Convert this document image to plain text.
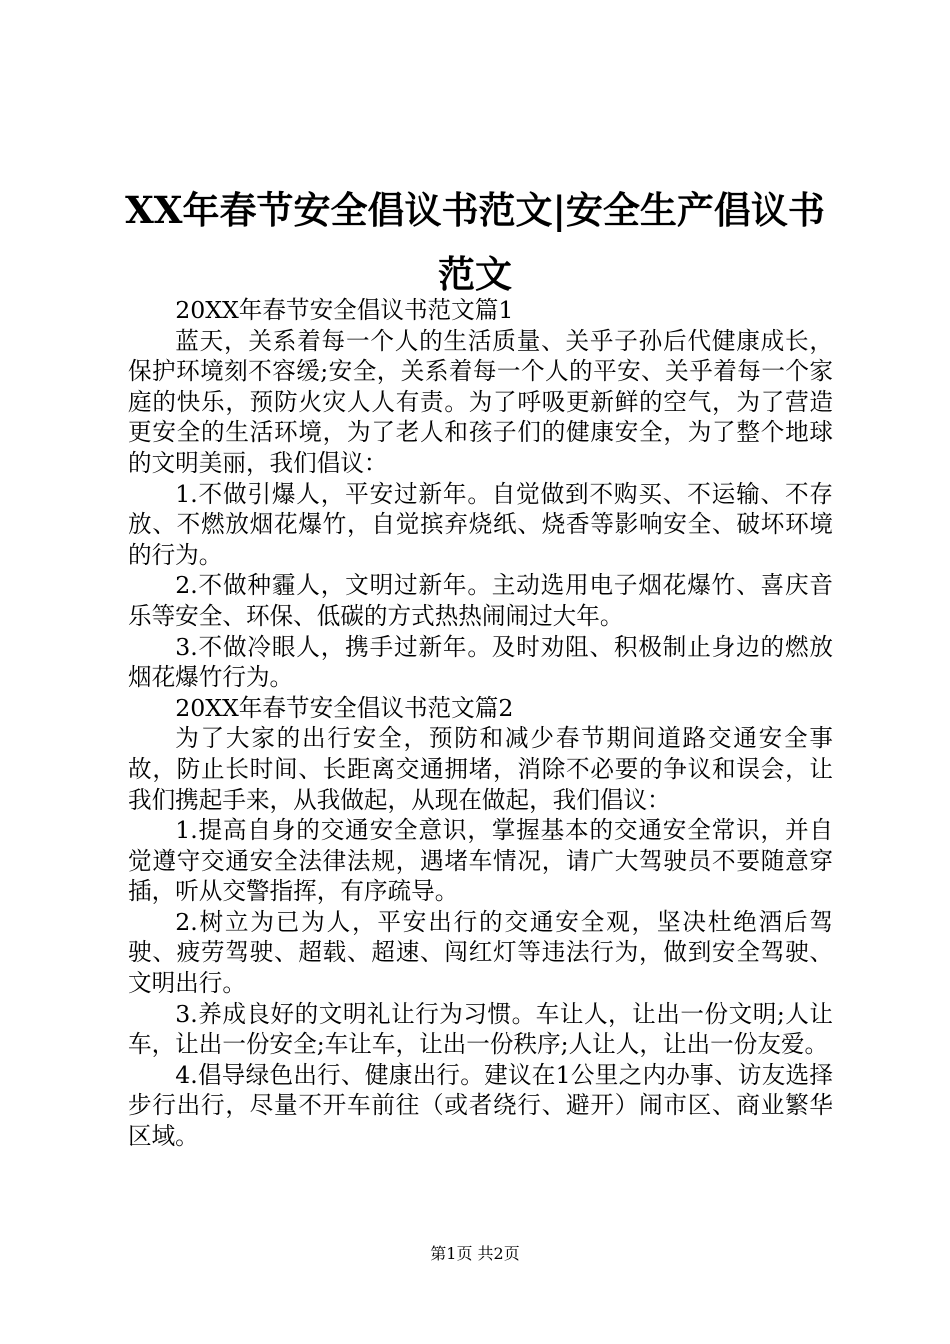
XX年春节安全倡议书范文|安全生产倡议书范文

20XX年春节安全倡议书范文篇1

蓝天，关系着每一个人的生活质量、关乎子孙后代健康成长，保护环境刻不容缓;安全，关系着每一个人的平安、关乎着每一个家庭的快乐，预防火灾人人有责。为了呼吸更新鲜的空气，为了营造更安全的生活环境，为了老人和孩子们的健康安全，为了整个地球的文明美丽，我们倡议：

1.不做引爆人，平安过新年。自觉做到不购买、不运输、不存放、不燃放烟花爆竹，自觉摈弃烧纸、烧香等影响安全、破坏环境的行为。

2.不做种霾人，文明过新年。主动选用电子烟花爆竹、喜庆音乐等安全、环保、低碳的方式热热闹闹过大年。

3.不做冷眼人，携手过新年。及时劝阻、积极制止身边的燃放烟花爆竹行为。

20XX年春节安全倡议书范文篇2

为了大家的出行安全，预防和减少春节期间道路交通安全事故，防止长时间、长距离交通拥堵，消除不必要的争议和误会，让我们携起手来，从我做起，从现在做起，我们倡议：

1.提高自身的交通安全意识，掌握基本的交通安全常识，并自觉遵守交通安全法律法规，遇堵车情况，请广大驾驶员不要随意穿插，听从交警指挥，有序疏导。

2.树立为已为人，平安出行的交通安全观，坚决杜绝酒后驾驶、疲劳驾驶、超载、超速、闯红灯等违法行为，做到安全驾驶、文明出行。

3.养成良好的文明礼让行为习惯。车让人，让出一份文明;人让车，让出一份安全;车让车，让出一份秩序;人让人，让出一份友爱。

4.倡导绿色出行、健康出行。建议在1公里之内办事、访友选择步行出行，尽量不开车前往（或者绕行、避开）闹市区、商业繁华区域。

第1页 共2页
